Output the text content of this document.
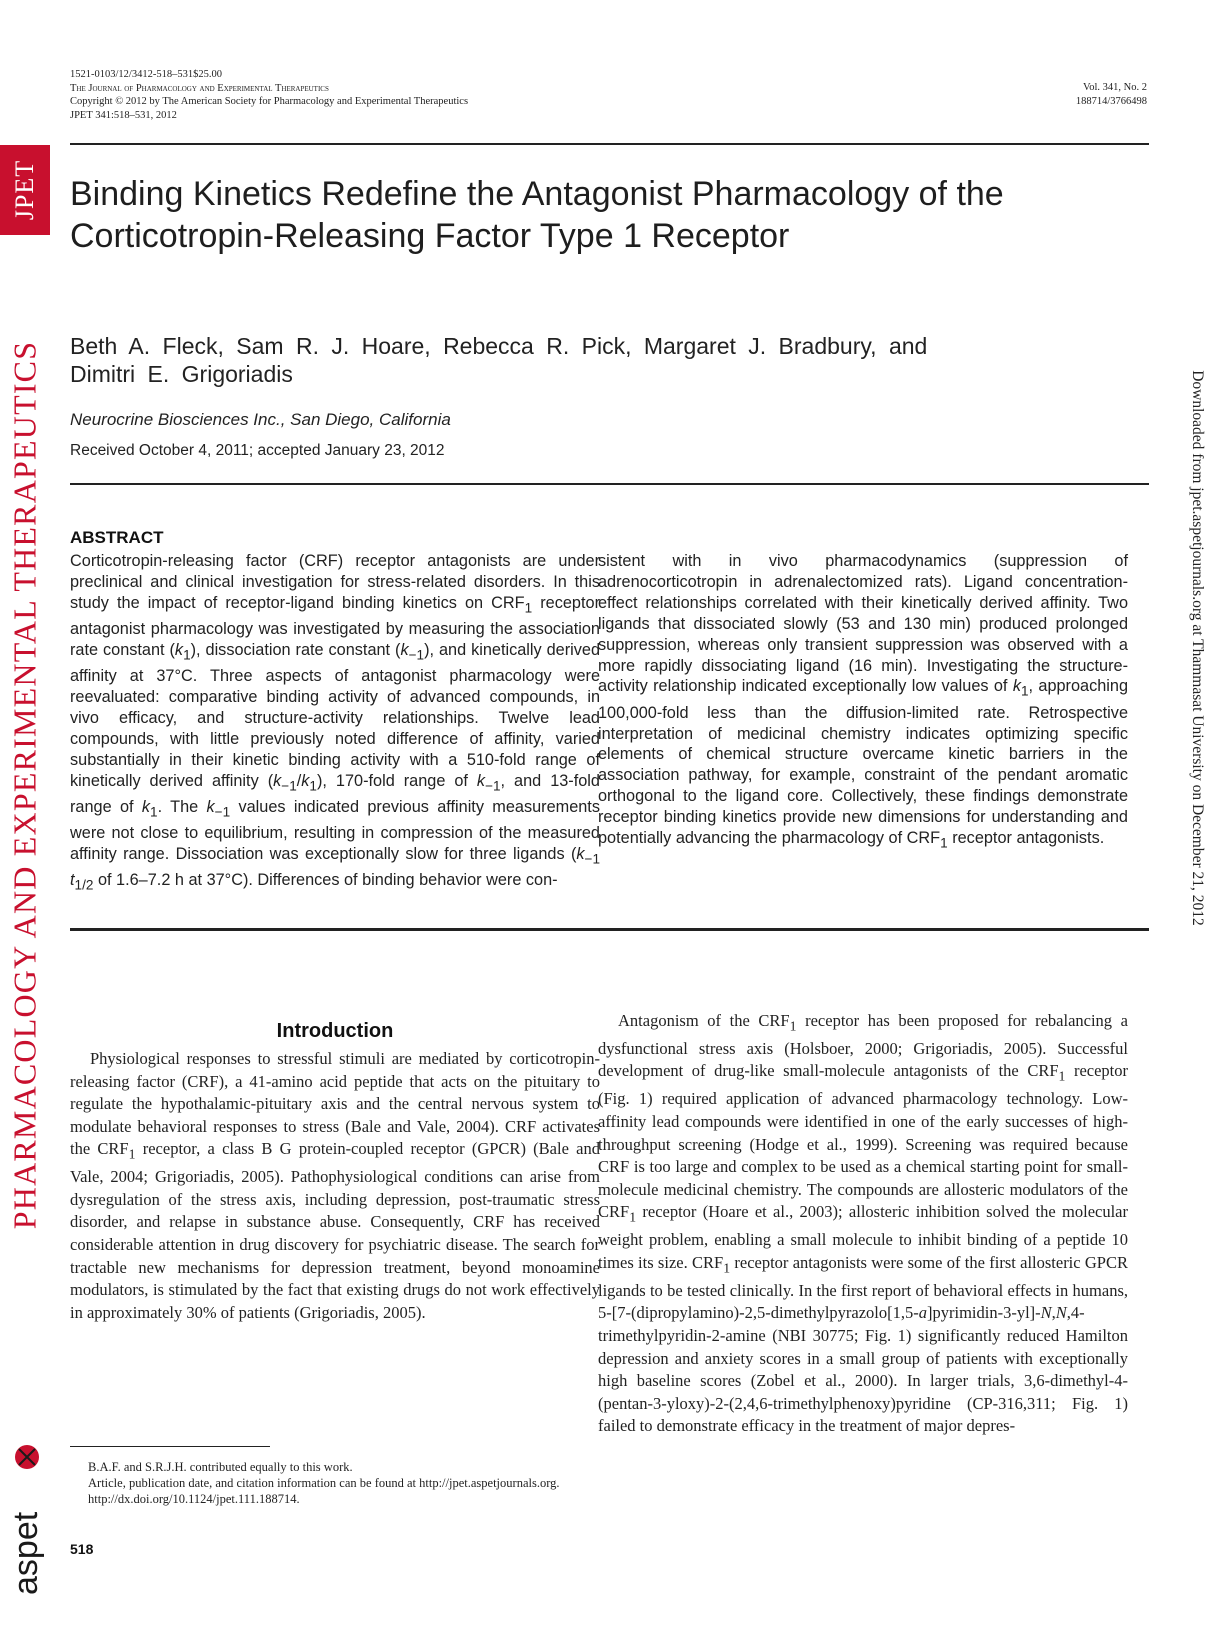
JPET
PHARMACOLOGY AND EXPERIMENTAL THERAPEUTICS
aspet
Downloaded from jpet.aspetjournals.org at Thammasat University on December 21, 2012
1521-0103/12/3412-518–531$25.00
The Journal of Pharmacology and Experimental Therapeutics
Copyright © 2012 by The American Society for Pharmacology and Experimental Therapeutics
JPET 341:518–531, 2012
Vol. 341, No. 2
188714/3766498
Binding Kinetics Redefine the Antagonist Pharmacology of the Corticotropin-Releasing Factor Type 1 Receptor
Beth A. Fleck, Sam R. J. Hoare, Rebecca R. Pick, Margaret J. Bradbury, and Dimitri E. Grigoriadis
Neurocrine Biosciences Inc., San Diego, California
Received October 4, 2011; accepted January 23, 2012
ABSTRACT

Corticotropin-releasing factor (CRF) receptor antagonists are under preclinical and clinical investigation for stress-related disorders. In this study the impact of receptor-ligand binding kinetics on $CRF_1$ receptor antagonist pharmacology was investigated by measuring the association rate constant $(k_1)$, dissociation rate constant $(k_{-1})$, and kinetically derived affinity at 37°C. Three aspects of antagonist pharmacology were reevaluated: comparative binding activity of advanced compounds, in vivo efficacy, and structure-activity relationships. Twelve lead compounds, with little previously noted difference of affinity, varied substantially in their kinetic binding activity with a 510-fold range of kinetically derived affinity $(k_{-1}/k_1)$, 170-fold range of $k_{-1}$, and 13-fold range of $k_1$. The $k_{-1}$ values indicated previous affinity measurements were not close to equilibrium, resulting in compression of the measured affinity range. Dissociation was exceptionally slow for three ligands ($k_{-1}$ $t_{1/2}$ of 1.6–7.2 h at 37°C). Differences of binding behavior were con-

sistent with in vivo pharmacodynamics (suppression of adrenocorticotropin in adrenalectomized rats). Ligand concentration-effect relationships correlated with their kinetically derived affinity. Two ligands that dissociated slowly (53 and 130 min) produced prolonged suppression, whereas only transient suppression was observed with a more rapidly dissociating ligand (16 min). Investigating the structure-activity relationship indicated exceptionally low values of $k_1$, approaching 100,000-fold less than the diffusion-limited rate. Retrospective interpretation of medicinal chemistry indicates optimizing specific elements of chemical structure overcame kinetic barriers in the association pathway, for example, constraint of the pendant aromatic orthogonal to the ligand core. Collectively, these findings demonstrate receptor binding kinetics provide new dimensions for understanding and potentially advancing the pharmacology of $CRF_1$ receptor antagonists.

Introduction

Physiological responses to stressful stimuli are mediated by corticotropin-releasing factor (CRF), a 41-amino acid peptide that acts on the pituitary to regulate the hypothalamic-pituitary axis and the central nervous system to modulate behavioral responses to stress (Bale and Vale, 2004). CRF activates the $CRF_1$ receptor, a class B G protein-coupled receptor (GPCR) (Bale and Vale, 2004; Grigoriadis, 2005). Pathophysiological conditions can arise from dysregulation of the stress axis, including depression, post-traumatic stress disorder, and relapse in substance abuse. Consequently, CRF has received considerable attention in drug discovery for psychiatric disease. The search for tractable new mechanisms for depression treatment, beyond monoamine modulators, is stimulated by the fact that existing drugs do not work effectively in approximately 30% of patients (Grigoriadis, 2005).

Antagonism of the $CRF_1$ receptor has been proposed for rebalancing a dysfunctional stress axis (Holsboer, 2000; Grigoriadis, 2005). Successful development of drug-like small-molecule antagonists of the $CRF_1$ receptor (Fig. 1) required application of advanced pharmacology technology. Low-affinity lead compounds were identified in one of the early successes of high-throughput screening (Hodge et al., 1999). Screening was required because CRF is too large and complex to be used as a chemical starting point for small-molecule medicinal chemistry. The compounds are allosteric modulators of the $CRF_1$ receptor (Hoare et al., 2003); allosteric inhibition solved the molecular weight problem, enabling a small molecule to inhibit binding of a peptide 10 times its size. $CRF_1$ receptor antagonists were some of the first allosteric GPCR ligands to be tested clinically. In the first report of behavioral effects in humans, 5-[7-(dipropylamino)-2,5-dimethylpyrazolo[1,5-a]pyrimidin-3-yl]-N,N,4-trimethylpyridin-2-amine (NBI 30775; Fig. 1) significantly reduced Hamilton depression and anxiety scores in a small group of patients with exceptionally high baseline scores (Zobel et al., 2000). In larger trials, 3,6-dimethyl-4-(pentan-3-yloxy)-2-(2,4,6-trimethylphenoxy)pyridine (CP-316,311; Fig. 1) failed to demonstrate efficacy in the treatment of major depres-

B.A.F. and S.R.J.H. contributed equally to this work.

Article, publication date, and citation information can be found at http://jpet.aspetjournals.org.

http://dx.doi.org/10.1124/jpet.111.188714.

518
